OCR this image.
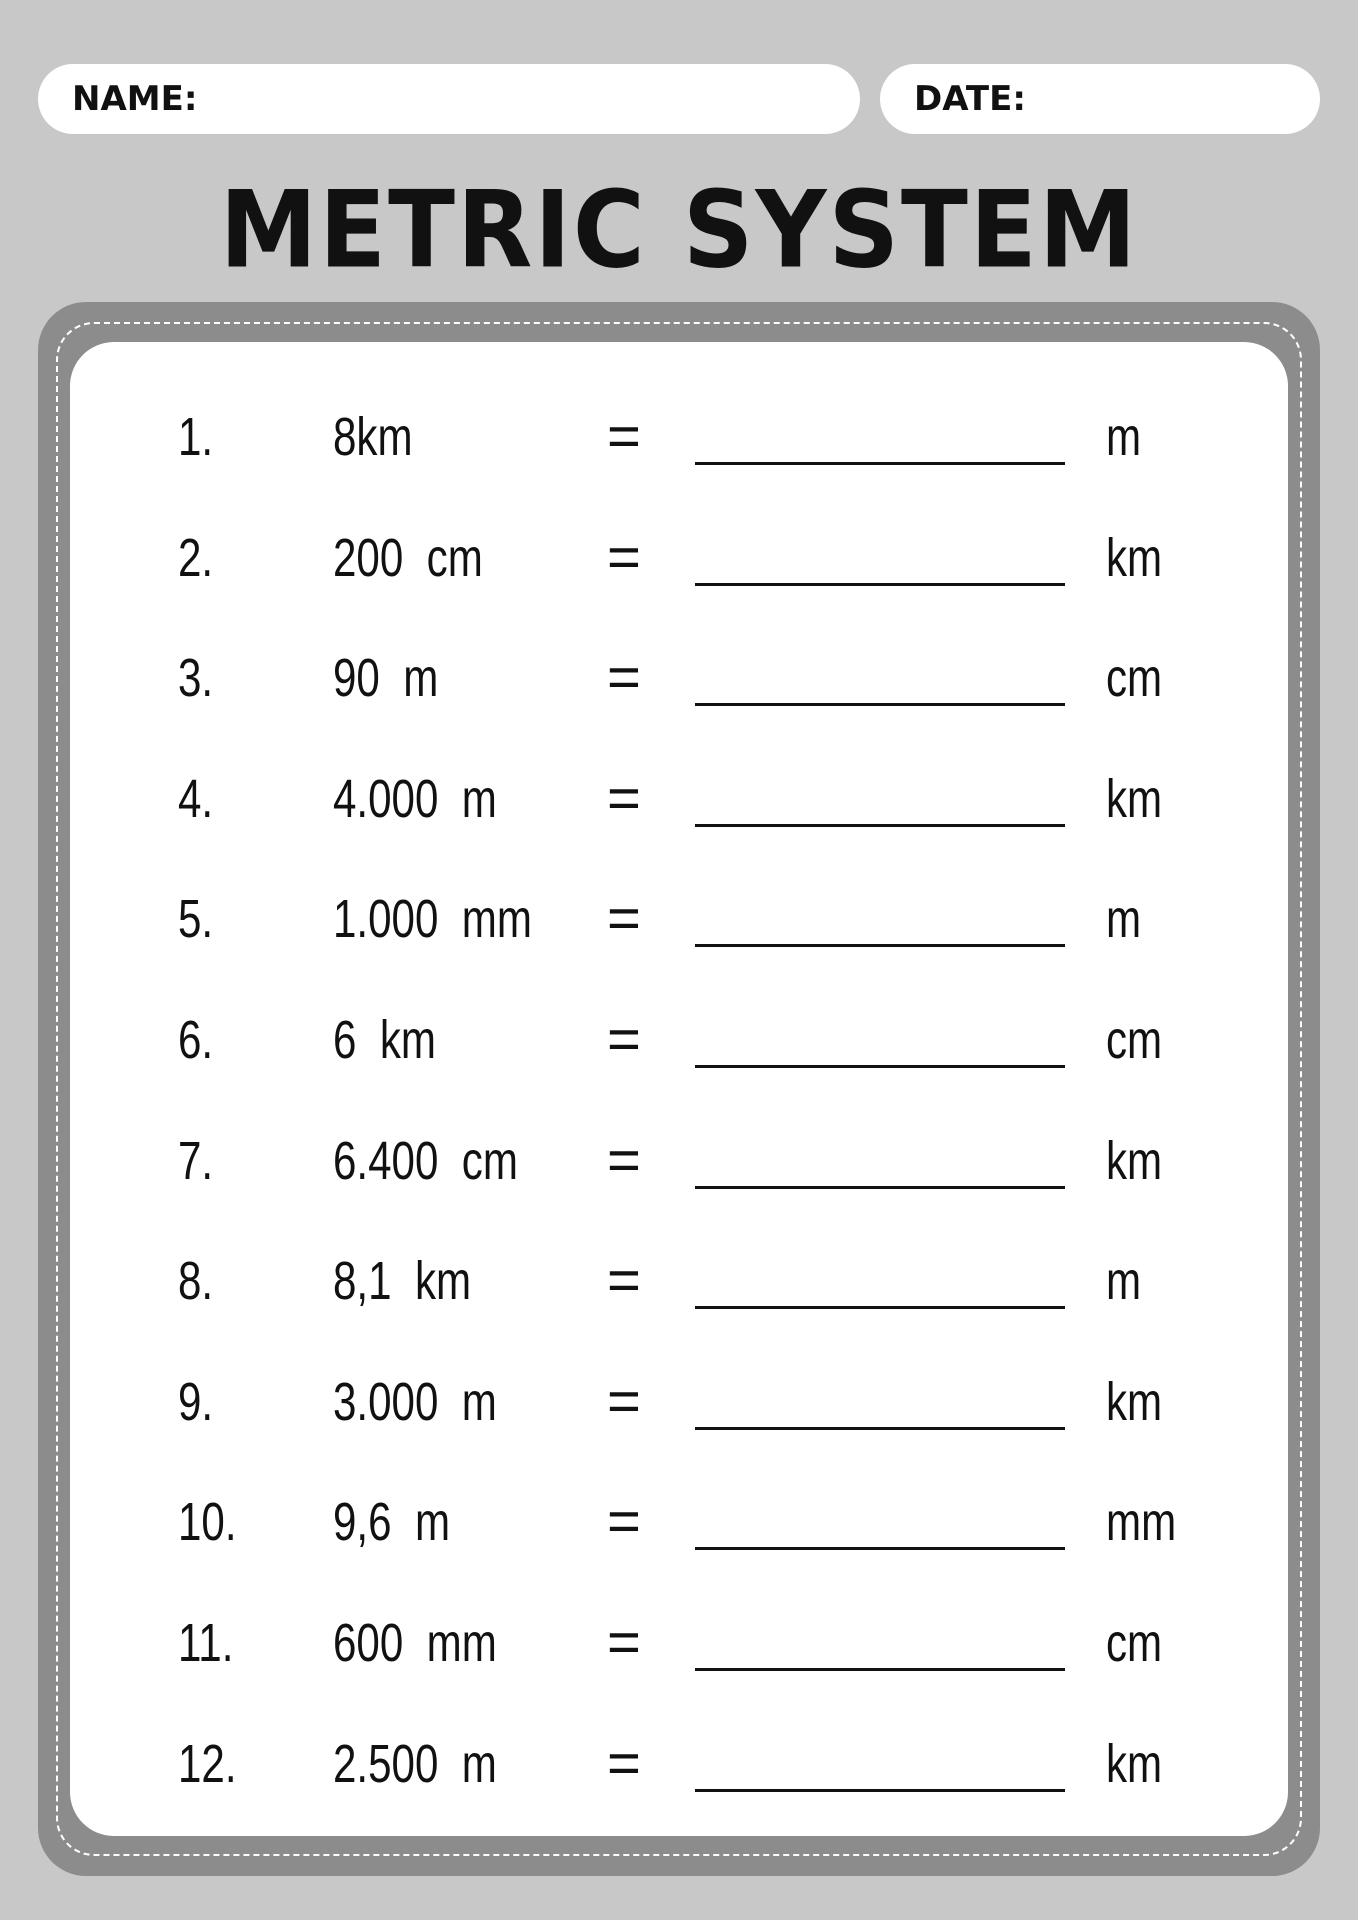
NAME:	DATE:
METRIC SYSTEM
1. 8km	=	m
2. 200  cm =	km
3. 90  m	=	cm
4. 4.000  m =	km
5. 1.000  mm =	m
6. 6  km	=	cm
7. 6.400  cm =	km
8. 8,1  km =	m
9. 3.000  m =	km
10. 9,6  m	=	mm
11. 600  mm =	cm
12. 2.500  m =	km
